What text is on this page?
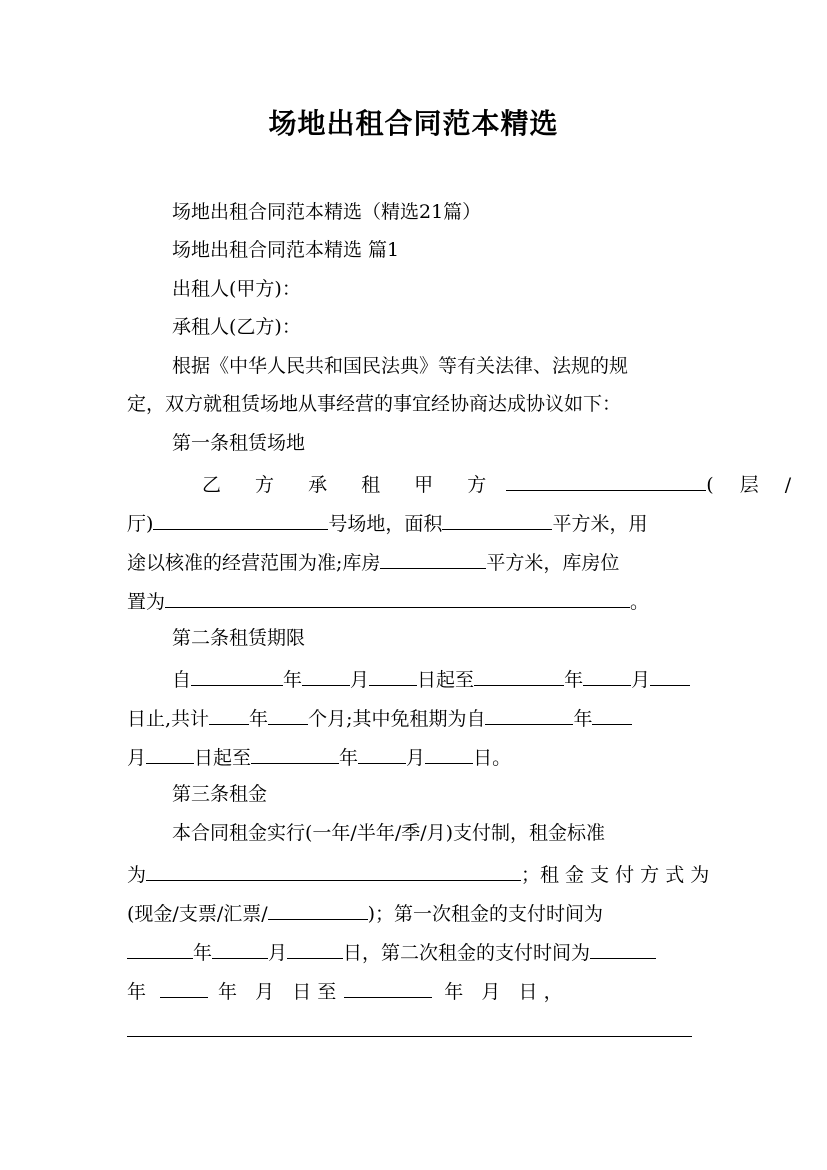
场地出租合同范本精选
场地出租合同范本精选（精选21篇）
场地出租合同范本精选 篇1
出租人(甲方)：
承租人(乙方)：
根据《中华人民共和国民法典》等有关法律、法规的规
定，双方就租赁场地从事经营的事宜经协商达成协议如下：
第一条租赁场地
乙 方 承 租 甲 方	( 层 /
厅)	号场地，面积	平方米，用
途以核准的经营范围为准;库房	平方米，库房位
置为	。
第二条租赁期限
自	年	月	日起至	年	月
日止,共计 年 个月;其中免租期为自	年
月	日起至	年	月	日。
第三条租金
本合同租金实行(一年/半年/季/月)支付制，租金标准
为	；租 金 支 付 方 式 为
(现金/支票/汇票/	)；第一次租金的支付时间为
年	月	日，第二次租金的支付时间为
年	年   月   日 至	年   月   日 ，
